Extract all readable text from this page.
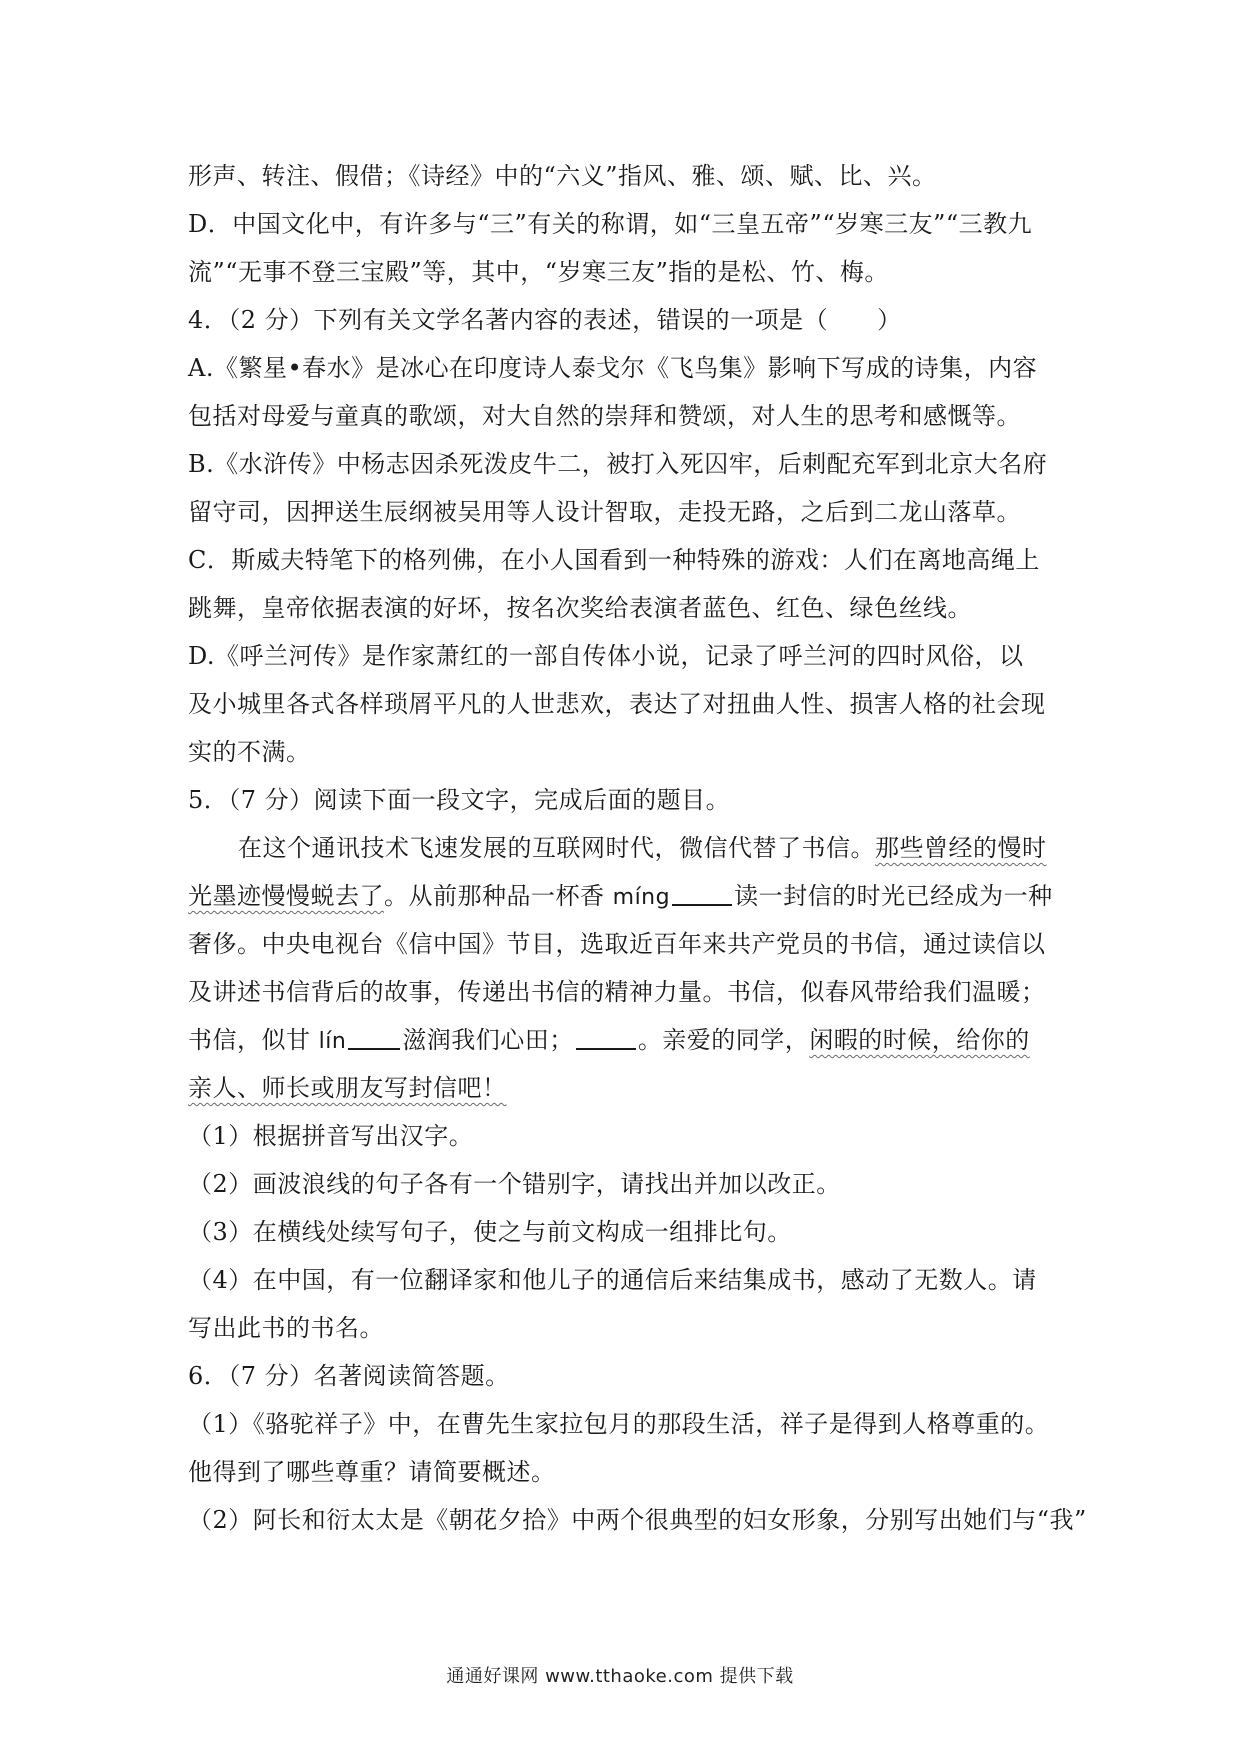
形声、转注、假借；《诗经》中的“六义”指风、雅、颂、赋、比、兴。
D．中国文化中，有许多与“三”有关的称谓，如“三皇五帝”“岁寒三友”“三教九
流”“无事不登三宝殿”等，其中，“岁寒三友”指的是松、竹、梅。
4．（2 分）下列有关文学名著内容的表述，错误的一项是（　　）
A.《繁星•春水》是冰心在印度诗人泰戈尔《飞鸟集》影响下写成的诗集，内容
包括对母爱与童真的歌颂，对大自然的崇拜和赞颂，对人生的思考和感慨等。
B.《水浒传》中杨志因杀死泼皮牛二，被打入死囚牢，后刺配充军到北京大名府
留守司，因押送生辰纲被吴用等人设计智取，走投无路，之后到二龙山落草。
C．斯威夫特笔下的格列佛，在小人国看到一种特殊的游戏：人们在离地高绳上
跳舞，皇帝依据表演的好坏，按名次奖给表演者蓝色、红色、绿色丝线。
D.《呼兰河传》是作家萧红的一部自传体小说，记录了呼兰河的四时风俗，以
及小城里各式各样琐屑平凡的人世悲欢，表达了对扭曲人性、损害人格的社会现
实的不满。
5．（7 分）阅读下面一段文字，完成后面的题目。
在这个通讯技术飞速发展的互联网时代，微信代替了书信。那些曾经的慢时
光墨迹慢慢蜕去了。从前那种品一杯香 míng	读一封信的时光已经成为一种
奢侈。中央电视台《信中国》节目，选取近百年来共产党员的书信，通过读信以
及讲述书信背后的故事，传递出书信的精神力量。书信，似春风带给我们温暖；
书信，似甘 lín 滋润我们心田；	。亲爱的同学，闲暇的时候，给你的
亲人、师长或朋友写封信吧！
（1）根据拼音写出汉字。
（2）画波浪线的句子各有一个错别字，请找出并加以改正。
（3）在横线处续写句子，使之与前文构成一组排比句。
（4）在中国，有一位翻译家和他儿子的通信后来结集成书，感动了无数人。请
写出此书的书名。
6．（7 分）名著阅读简答题。
（1）《骆驼祥子》中，在曹先生家拉包月的那段生活，祥子是得到人格尊重的。
他得到了哪些尊重？请简要概述。
（2）阿长和衍太太是《朝花夕拾》中两个很典型的妇女形象，分别写出她们与“我”
通通好课网 www.tthaoke.com 提供下载
